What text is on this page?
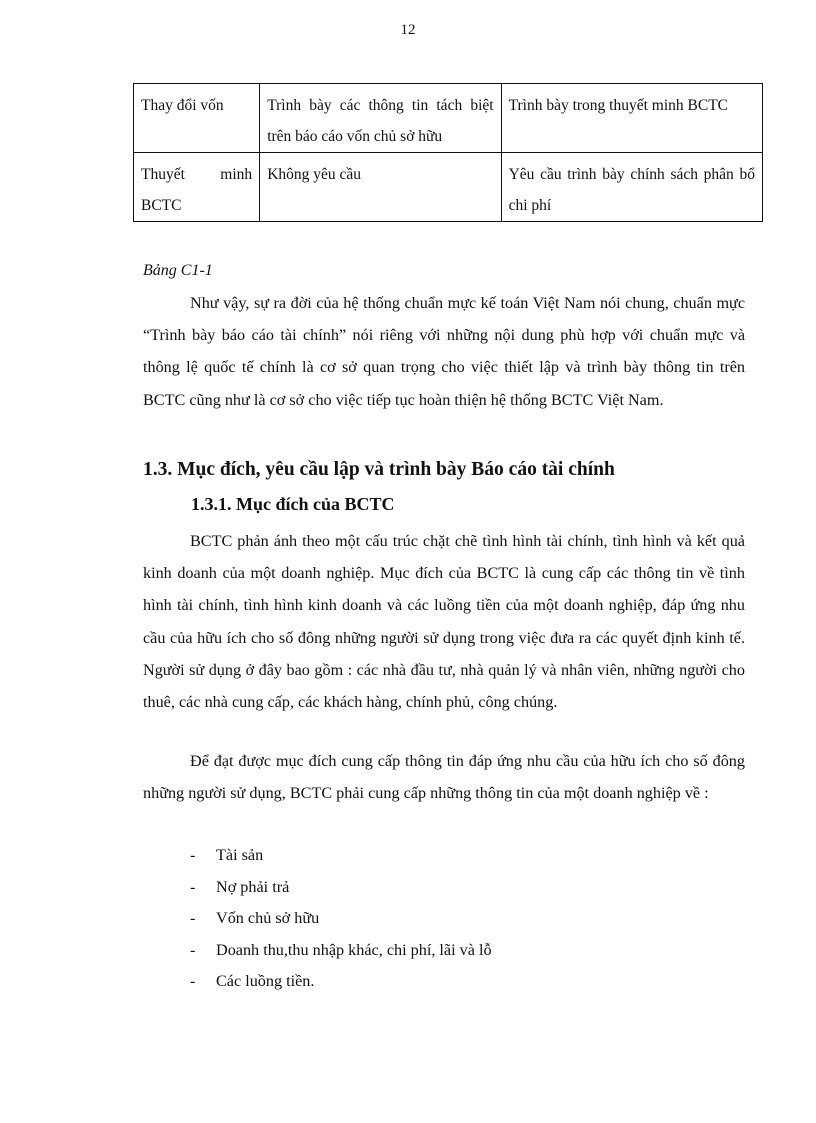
12
Thay đổi vốn	Trình bày các thông tin tách biệt trên báo cáo vốn chủ sở hữu	Trình bày trong thuyết minh BCTC
Thuyết minh BCTC	Không yêu cầu	Yêu cầu trình bày chính sách phân bổ chi phí
Bảng C1-1

Như vậy, sự ra đời của hệ thống chuẩn mực kế toán Việt Nam nói chung, chuẩn mực “Trình bày báo cáo tài chính” nói riêng với những nội dung phù hợp với chuẩn mực và thông lệ quốc tế chính là cơ sở quan trọng cho việc thiết lập và trình bày thông tin trên BCTC cũng như là cơ sở cho việc tiếp tục hoàn thiện hệ thống BCTC Việt Nam.

1.3. Mục đích, yêu cầu lập và trình bày Báo cáo tài chính
1.3.1. Mục đích của BCTC

BCTC phản ánh theo một cấu trúc chặt chẽ tình hình tài chính, tình hình và kết quả kinh doanh của một doanh nghiệp. Mục đích của BCTC là cung cấp các thông tin về tình hình tài chính, tình hình kinh doanh và các luồng tiền của một doanh nghiệp, đáp ứng nhu cầu của hữu ích cho số đông những người sử dụng trong việc đưa ra các quyết định kinh tế. Người sử dụng ở đây bao gồm : các nhà đầu tư, nhà quản lý và nhân viên, những người cho thuê, các nhà cung cấp, các khách hàng, chính phủ, công chúng.

Để đạt được mục đích cung cấp thông tin đáp ứng nhu cầu của hữu ích cho số đông những người sử dụng, BCTC phải cung cấp những thông tin của một doanh nghiệp về :

- Tài sản
- Nợ phải trả
- Vốn chủ sở hữu
- Doanh thu,thu nhập khác, chi phí, lãi và lỗ
- Các luồng tiền.
